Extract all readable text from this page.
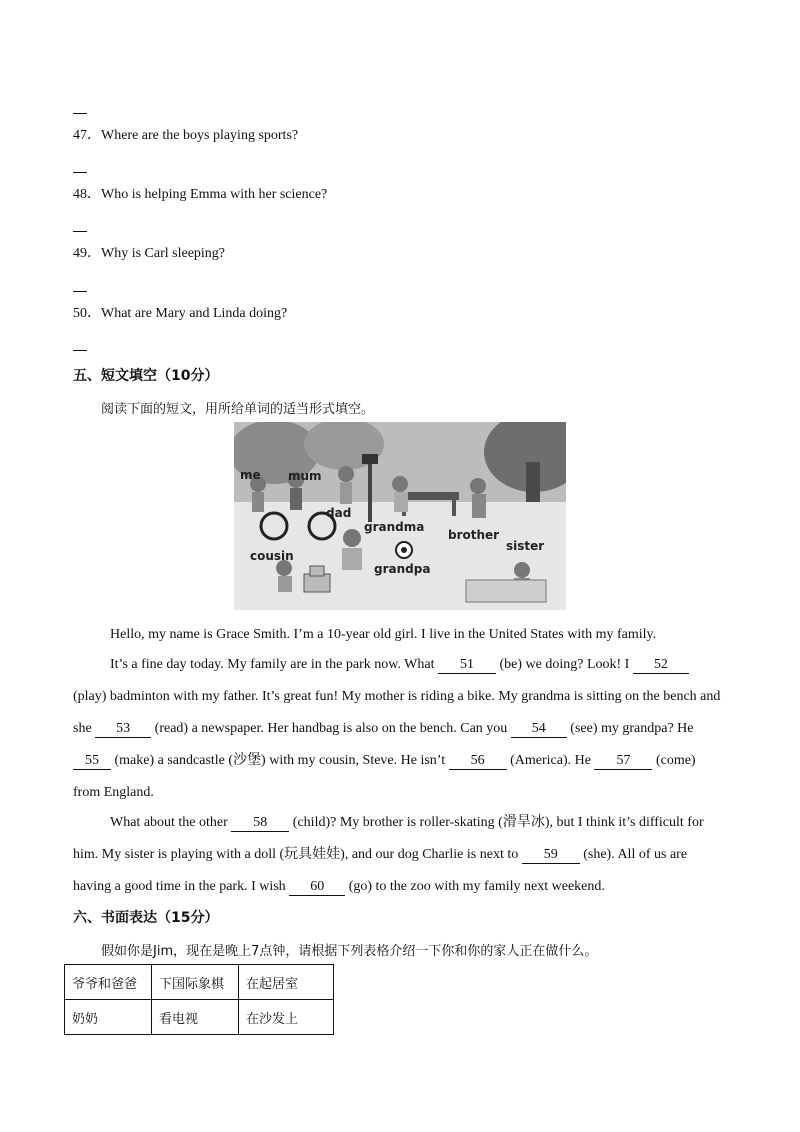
47．Where are the boys playing sports?
48．Who is helping Emma with her science?
49．Why is Carl sleeping?
50．What are Mary and Linda doing?
五、短文填空（10分）
阅读下面的短文，用所给单词的适当形式填空。
me mum
dad
grandma
brother
cousin
grandpa
sister
Hello, my name is Grace Smith. I’m a 10-year old girl. I live in the United States with my family.
It’s a fine day today. My family are in the park now. What 51 (be) we doing? Look! I 52
(play) badminton with my father. It’s great fun! My mother is riding a bike. My grandma is sitting on the bench and
she 53 (read) a newspaper. Her handbag is also on the bench. Can you 54 (see) my grandpa? He
55 (make) a sandcastle (沙堡) with my cousin, Steve. He isn’t 56 (America). He 57 (come)
from England.
What about the other 58 (child)? My brother is roller-skating (滑旱冰), but I think it’s difficult for
him. My sister is playing with a doll (玩具娃娃), and our dog Charlie is next to 59 (she). All of us are
having a good time in the park. I wish 60 (go) to the zoo with my family next weekend.
六、书面表达（15分）
假如你是Jim，现在是晚上7点钟，请根据下列表格介绍一下你和你的家人正在做什么。
爷爷和爸爸	下国际象棋	在起居室
奶奶	看电视	在沙发上
